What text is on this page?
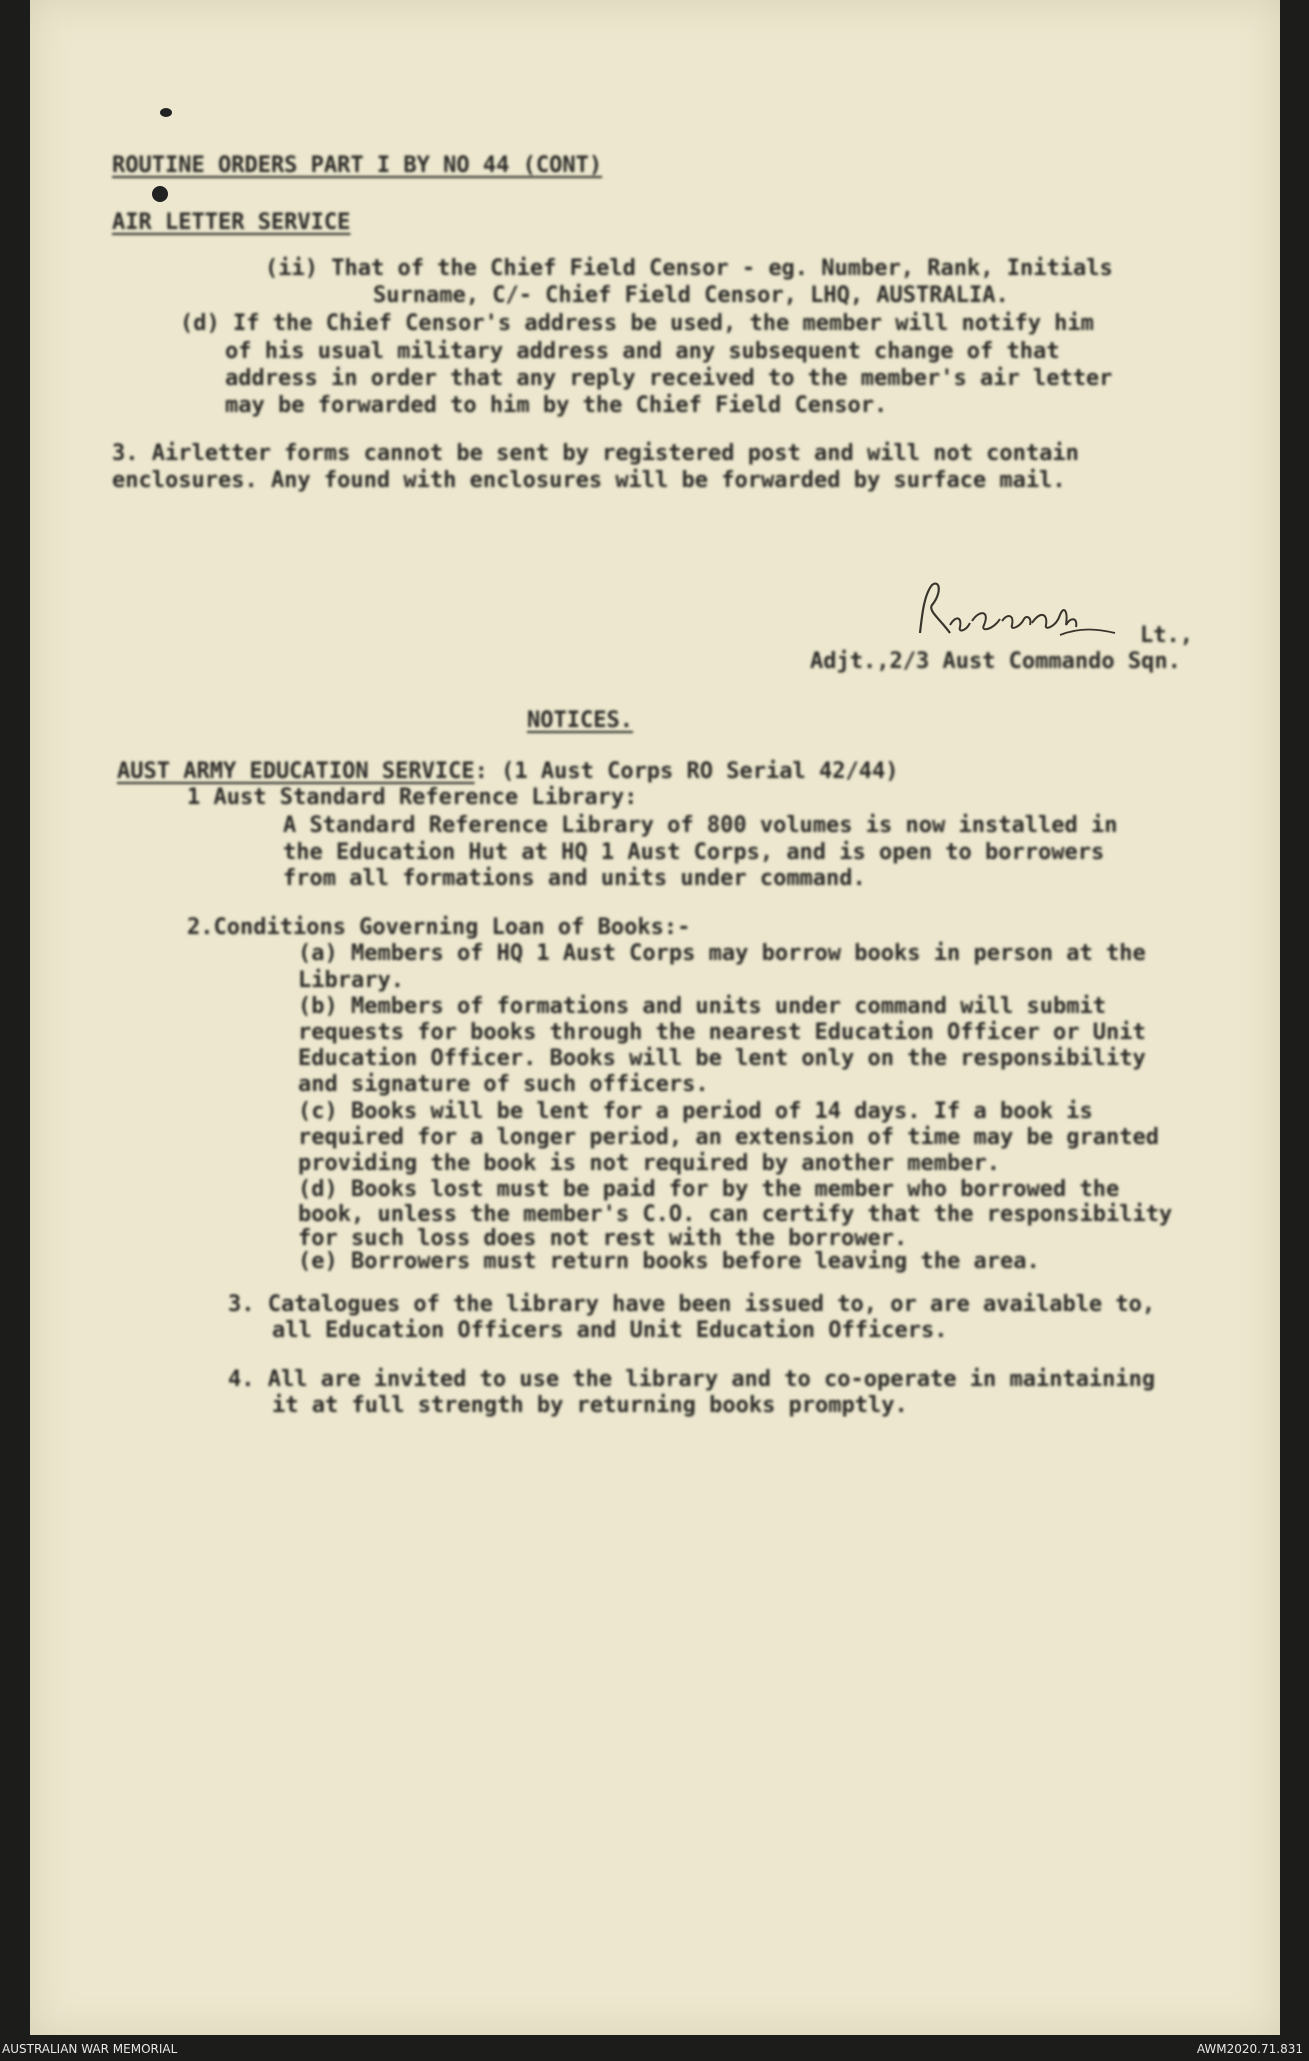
ROUTINE ORDERS PART I BY NO 44 (CONT)
AIR LETTER SERVICE
(ii) That of the Chief Field Censor - eg. Number, Rank, Initials
Surname, C/- Chief Field Censor, LHQ, AUSTRALIA.
(d) If the Chief Censor's address be used, the member will notify him
of his usual military address and any subsequent change of that
address in order that any reply received to the member's air letter
may be forwarded to him by the Chief Field Censor.
3. Airletter forms cannot be sent by registered post and will not contain
enclosures. Any found with enclosures will be forwarded by surface mail.
Lt.,
Adjt.,2/3 Aust Commando Sqn.
NOTICES.
AUST ARMY EDUCATION SERVICE: (1 Aust Corps RO Serial 42/44)
1 Aust Standard Reference Library:
A Standard Reference Library of 800 volumes is now installed in
the Education Hut at HQ 1 Aust Corps, and is open to borrowers
from all formations and units under command.
2.Conditions Governing Loan of Books:-
(a) Members of HQ 1 Aust Corps may borrow books in person at the
Library.
(b) Members of formations and units under command will submit
requests for books through the nearest Education Officer or Unit
Education Officer. Books will be lent only on the responsibility
and signature of such officers.
(c) Books will be lent for a period of 14 days. If a book is
required for a longer period, an extension of time may be granted
providing the book is not required by another member.
(d) Books lost must be paid for by the member who borrowed the
book, unless the member's C.O. can certify that the responsibility
for such loss does not rest with the borrower.
(e) Borrowers must return books before leaving the area.
3. Catalogues of the library have been issued to, or are available to,
all Education Officers and Unit Education Officers.
4. All are invited to use the library and to co-operate in maintaining
it at full strength by returning books promptly.
AUSTRALIAN WAR MEMORIAL	AWM2020.71.831
